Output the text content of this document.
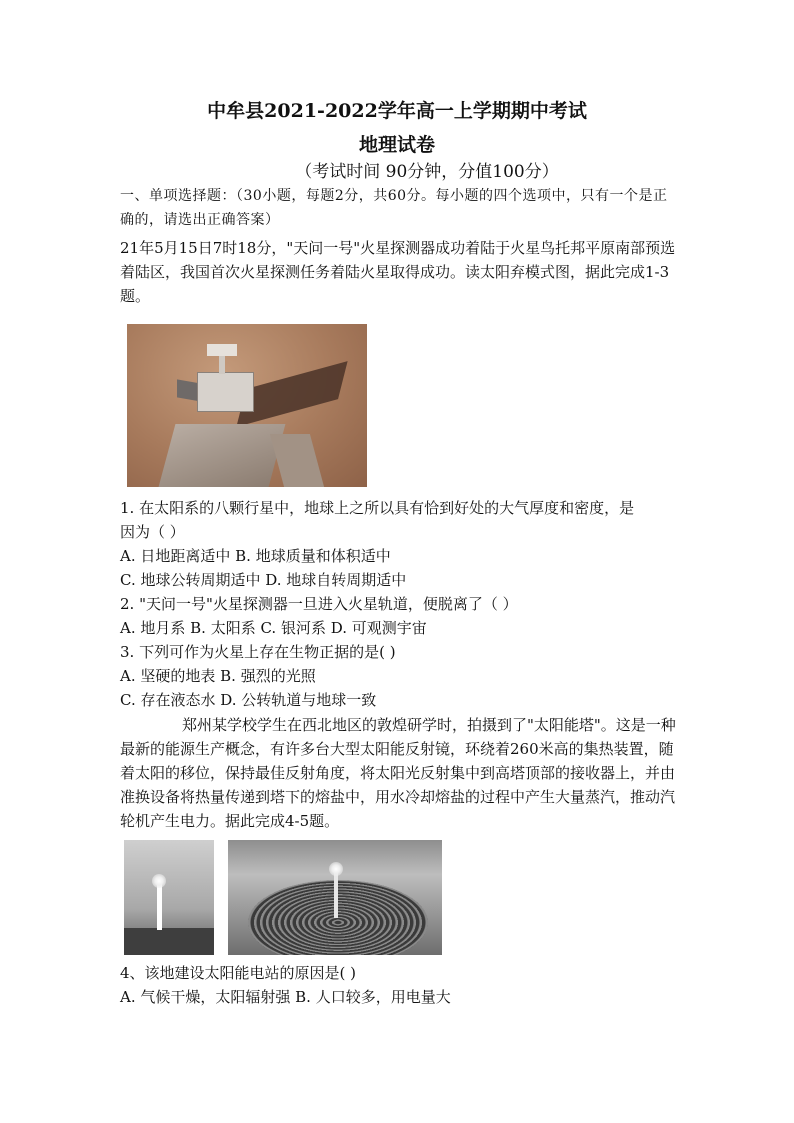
中牟县2021-2022学年高一上学期期中考试
地理试卷
（考试时间 90分钟，分值100分）

一、单项选择题：（30小题，每题2分，共60分。每小题的四个选项中，只有一个是正确的，请选出正确答案）

21年5月15日7时18分，"天问一号"火星探测器成功着陆于火星鸟托邦平原南部预选着陆区，我国首次火星探测任务着陆火星取得成功。读太阳弃模式图，据此完成1-3题。

1. 在太阳系的八颗行星中，地球上之所以具有恰到好处的大气厚度和密度，是
因为（ ）
A. 日地距离适中 B. 地球质量和体积适中
C. 地球公转周期适中 D. 地球自转周期适中
2. "天问一号"火星探测器一旦进入火星轨道，便脱离了（ ）
A. 地月系 B. 太阳系 C. 银河系 D. 可观测宇宙
3. 下列可作为火星上存在生物正据的是( )
A. 坚硬的地表 B. 强烈的光照
C. 存在液态水 D. 公转轨道与地球一致

郑州某学校学生在西北地区的敦煌研学时，拍摄到了"太阳能塔"。这是一种最新的能源生产概念，有许多台大型太阳能反射镜，环绕着260米高的集热装置，随着太阳的移位，保持最佳反射角度，将太阳光反射集中到高塔顶部的接收器上，并由准换设备将热量传递到塔下的熔盐中，用水冷却熔盐的过程中产生大量蒸汽，推动汽轮机产生电力。据此完成4-5题。

4、该地建设太阳能电站的原因是( )
A. 气候干燥，太阳辐射强 B. 人口较多，用电量大
